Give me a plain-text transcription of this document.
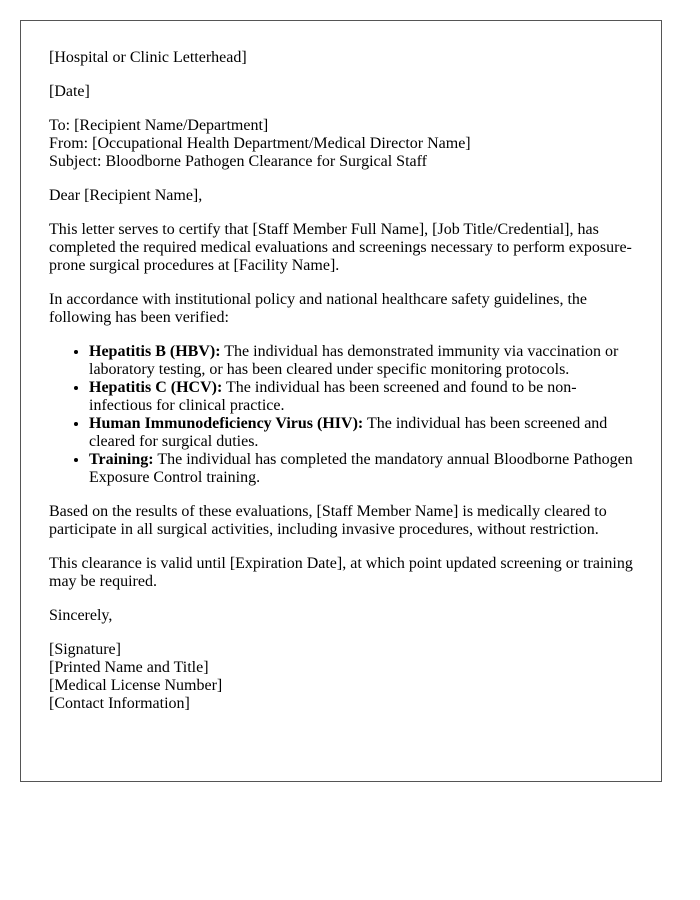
[Hospital or Clinic Letterhead]

[Date]

To: [Recipient Name/Department]
From: [Occupational Health Department/Medical Director Name]
Subject: Bloodborne Pathogen Clearance for Surgical Staff

Dear [Recipient Name],

This letter serves to certify that [Staff Member Full Name], [Job Title/Credential], has completed the required medical evaluations and screenings necessary to perform exposure-prone surgical procedures at [Facility Name].

In accordance with institutional policy and national healthcare safety guidelines, the following has been verified:

• Hepatitis B (HBV): The individual has demonstrated immunity via vaccination or laboratory testing, or has been cleared under specific monitoring protocols.
• Hepatitis C (HCV): The individual has been screened and found to be non-infectious for clinical practice.
• Human Immunodeficiency Virus (HIV): The individual has been screened and cleared for surgical duties.
• Training: The individual has completed the mandatory annual Bloodborne Pathogen Exposure Control training.

Based on the results of these evaluations, [Staff Member Name] is medically cleared to participate in all surgical activities, including invasive procedures, without restriction.

This clearance is valid until [Expiration Date], at which point updated screening or training may be required.

Sincerely,

[Signature]
[Printed Name and Title]
[Medical License Number]
[Contact Information]
